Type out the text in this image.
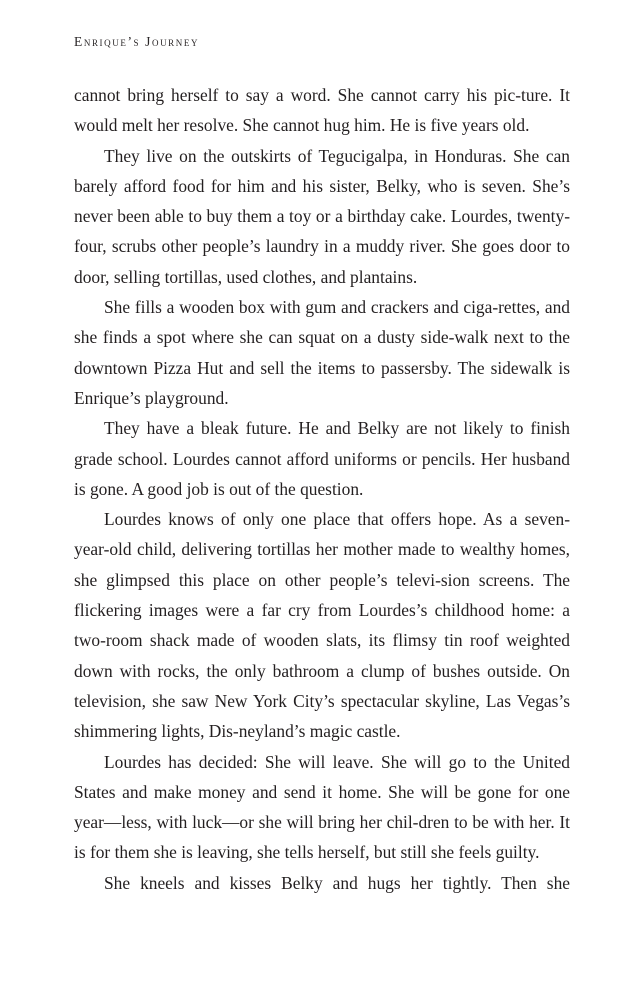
Enrique’s Journey

cannot bring herself to say a word. She cannot carry his pic-ture. It would melt her resolve. She cannot hug him. He is five years old.

They live on the outskirts of Tegucigalpa, in Honduras. She can barely afford food for him and his sister, Belky, who is seven. She’s never been able to buy them a toy or a birthday cake. Lourdes, twenty-four, scrubs other people’s laundry in a muddy river. She goes door to door, selling tortillas, used clothes, and plantains.

She fills a wooden box with gum and crackers and ciga-rettes, and she finds a spot where she can squat on a dusty side-walk next to the downtown Pizza Hut and sell the items to passersby. The sidewalk is Enrique’s playground.

They have a bleak future. He and Belky are not likely to finish grade school. Lourdes cannot afford uniforms or pencils. Her husband is gone. A good job is out of the question.

Lourdes knows of only one place that offers hope. As a seven-year-old child, delivering tortillas her mother made to wealthy homes, she glimpsed this place on other people’s televi-sion screens. The flickering images were a far cry from Lourdes’s childhood home: a two-room shack made of wooden slats, its flimsy tin roof weighted down with rocks, the only bathroom a clump of bushes outside. On television, she saw New York City’s spectacular skyline, Las Vegas’s shimmering lights, Dis-neyland’s magic castle.

Lourdes has decided: She will leave. She will go to the United States and make money and send it home. She will be gone for one year—less, with luck—or she will bring her chil-dren to be with her. It is for them she is leaving, she tells herself, but still she feels guilty.

She kneels and kisses Belky and hugs her tightly. Then she
